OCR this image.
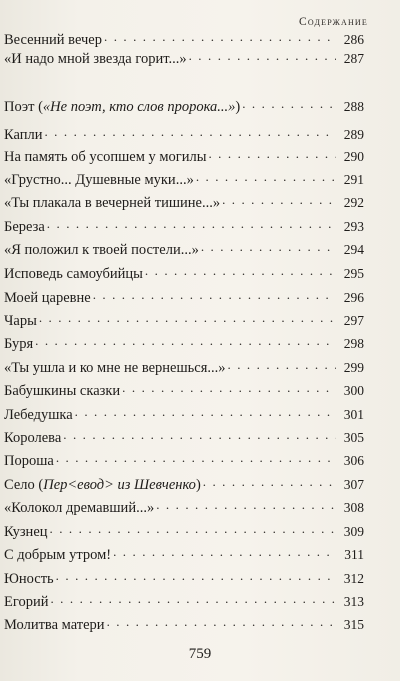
Содержание
Весенний вечер . . .	286
«И надо мной звезда горит...» . . .	287
Поэт («Не поэт, кто слов пророка...») . . .	288
Капли . . .	289
На память об усопшем у могилы . . .	290
«Грустно... Душевные муки...» . . .	291
«Ты плакала в вечерней тишине...» . . .	292
Береза . . .	293
«Я положил к твоей постели...» . . .	294
Исповедь самоубийцы . . .	295
Моей царевне . . .	296
Чары . . .	297
Буря . . .	298
«Ты ушла и ко мне не вернешься...» . . .	299
Бабушкины сказки . . .	300
Лебедушка . . .	301
Королева . . .	305
Пороша . . .	306
Село (Пер<евод> из Шевченко) . . .	307
«Колокол дремавший...» . . .	308
Кузнец . . .	309
С добрым утром! . . .	311
Юность . . .	312
Егорий . . .	313
Молитва матери . . .	315
759
